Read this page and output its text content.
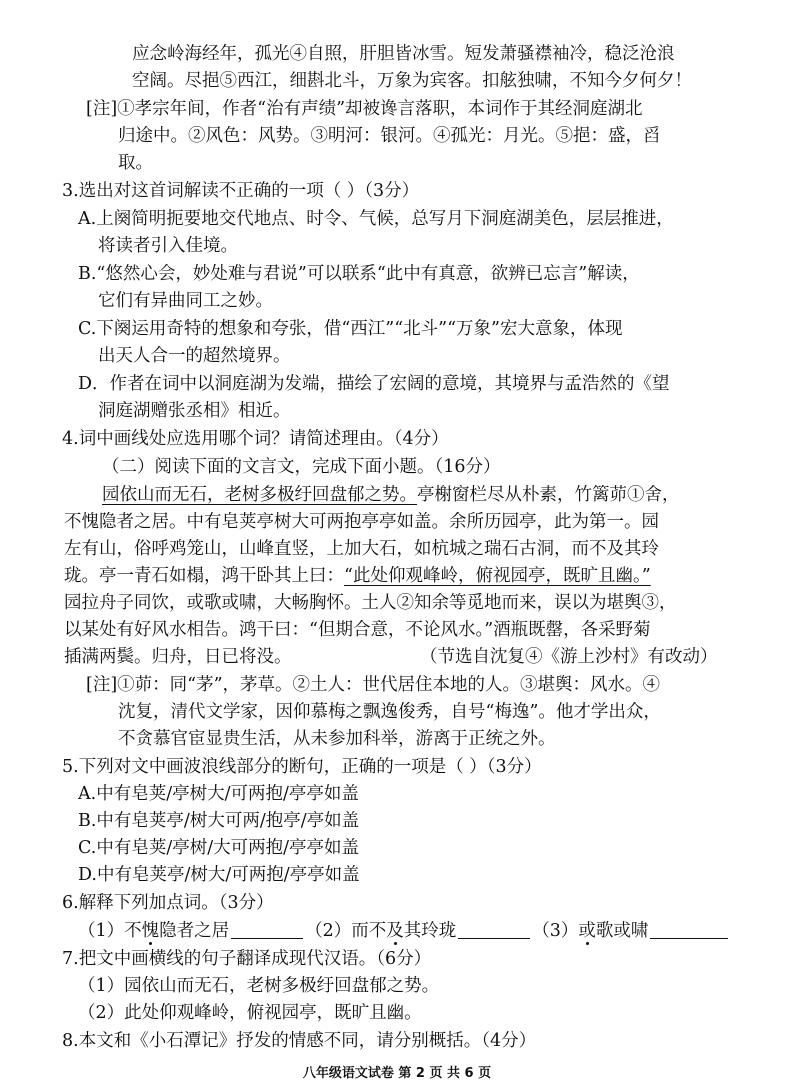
应念岭海经年，孤光④自照，肝胆皆冰雪。短发萧骚襟袖冷，稳泛沧浪
空阔。尽挹⑤西江，细斟北斗，万象为宾客。扣舷独啸，不知今夕何夕！
[注]①孝宗年间，作者“治有声绩”却被谗言落职，本词作于其经洞庭湖北
归途中。②风色：风势。③明河：银河。④孤光：月光。⑤挹：盛，舀
取。
3.选出对这首词解读不正确的一项（ ）（3分）
A.上阕简明扼要地交代地点、时令、气候，总写月下洞庭湖美色，层层推进，
将读者引入佳境。
B.“悠然心会，妙处难与君说”可以联系“此中有真意，欲辨已忘言”解读，
它们有异曲同工之妙。
C.下阕运用奇特的想象和夸张，借“西江”“北斗”“万象”宏大意象，体现
出天人合一的超然境界。
D．作者在词中以洞庭湖为发端，描绘了宏阔的意境，其境界与孟浩然的《望
洞庭湖赠张丞相》相近。
4.词中画线处应选用哪个词？请简述理由。（4分）
（二）阅读下面的文言文，完成下面小题。（16分）
园依山而无石，老树多极纡回盘郁之势。亭榭窗栏尽从朴素，竹篱茆①舍，
不愧隐者之居。中有皂荚亭树大可两抱亭亭如盖。余所历园亭，此为第一。园
左有山，俗呼鸡笼山，山峰直竖，上加大石，如杭城之瑞石古洞，而不及其玲
珑。亭一青石如榻，鸿干卧其上曰：“此处仰观峰岭，俯视园亭，既旷且幽。”
园拉舟子同饮，或歌或啸，大畅胸怀。土人②知余等觅地而来，误以为堪舆③，
以某处有好风水相告。鸿干曰：“但期合意，不论风水。”酒瓶既罄，各采野菊
插满两鬓。归舟，日已将没。	（节选自沈复④《游上沙村》有改动）
[注]①茆：同“茅”，茅草。②土人：世代居住本地的人。③堪舆：风水。④
沈复，清代文学家，因仰慕梅之飘逸俊秀，自号“梅逸”。他才学出众，
不贪慕官宦显贵生活，从未参加科举，游离于正统之外。
5.下列对文中画波浪线部分的断句，正确的一项是（ ）（3分）
A.中有皂荚/亭树大/可两抱/亭亭如盖
B.中有皂荚亭/树大可两/抱亭/亭如盖
C.中有皂荚/亭树/大可两抱/亭亭如盖
D.中有皂荚亭/树大/可两抱/亭亭如盖
6.解释下列加点词。（3分）
（1）不愧隐者之居	（2）而不及其玲珑	（3）或歌或啸
7.把文中画横线的句子翻译成现代汉语。（6分）
八年级语文试卷 第 2 页 共 6 页
（1）园依山而无石，老树多极纡回盘郁之势。
（2）此处仰观峰岭，俯视园亭，既旷且幽。
8.本文和《小石潭记》抒发的情感不同，请分别概括。（4分）
